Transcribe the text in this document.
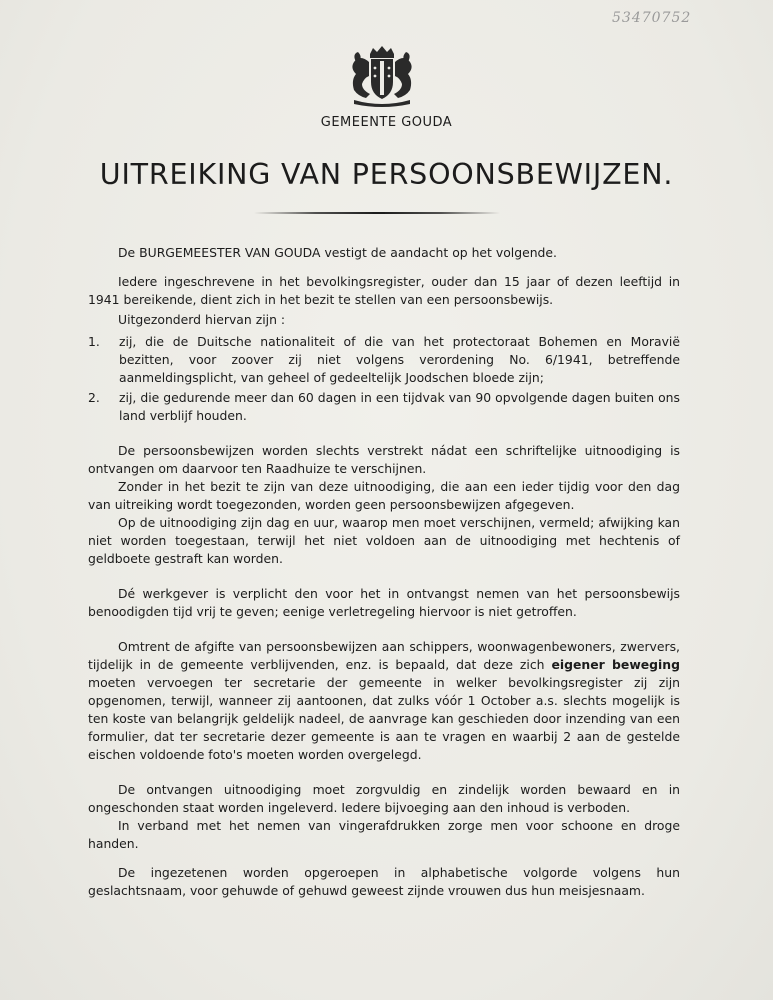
53470752
GEMEENTE GOUDA
UITREIKING VAN PERSOONSBEWIJZEN.

De BURGEMEESTER VAN GOUDA vestigt de aandacht op het volgende.

Iedere ingeschrevene in het bevolkingsregister, ouder dan 15 jaar of dezen leeftijd in 1941 bereikende, dient zich in het bezit te stellen van een persoonsbewijs.

Uitgezonderd hiervan zijn :

1.	zij, die de Duitsche nationaliteit of die van het protectoraat Bohemen en Moravië bezitten, voor zoover zij niet volgens verordening No. 6/1941, betreffende aanmeldingsplicht, van geheel of gedeeltelijk Joodschen bloede zijn;
2.	zij, die gedurende meer dan 60 dagen in een tijdvak van 90 opvolgende dagen buiten ons land verblijf houden.

De persoonsbewijzen worden slechts verstrekt nádat een schriftelijke uitnoodiging is ontvangen om daarvoor ten Raadhuize te verschijnen.

Zonder in het bezit te zijn van deze uitnoodiging, die aan een ieder tijdig voor den dag van uitreiking wordt toegezonden, worden geen persoonsbewijzen afgegeven.

Op de uitnoodiging zijn dag en uur, waarop men moet verschijnen, vermeld; afwijking kan niet worden toegestaan, terwijl het niet voldoen aan de uitnoodiging met hechtenis of geldboete gestraft kan worden.

Dé werkgever is verplicht den voor het in ontvangst nemen van het persoonsbewijs benoodigden tijd vrij te geven; eenige verletregeling hiervoor is niet getroffen.

Omtrent de afgifte van persoonsbewijzen aan schippers, woonwagenbewoners, zwervers, tijdelijk in de gemeente verblijvenden, enz. is bepaald, dat deze zich eigener beweging moeten vervoegen ter secretarie der gemeente in welker bevolkingsregister zij zijn opgenomen, terwijl, wanneer zij aantoonen, dat zulks vóór 1 October a.s. slechts mogelijk is ten koste van belangrijk geldelijk nadeel, de aanvrage kan geschieden door inzending van een formulier, dat ter secretarie dezer gemeente is aan te vragen en waarbij 2 aan de gestelde eischen voldoende foto's moeten worden overgelegd.

De ontvangen uitnoodiging moet zorgvuldig en zindelijk worden bewaard en in ongeschonden staat worden ingeleverd. Iedere bijvoeging aan den inhoud is verboden.

In verband met het nemen van vingerafdrukken zorge men voor schoone en droge handen.

De ingezetenen worden opgeroepen in alphabetische volgorde volgens hun geslachtsnaam, voor gehuwde of gehuwd geweest zijnde vrouwen dus hun meisjesnaam.
